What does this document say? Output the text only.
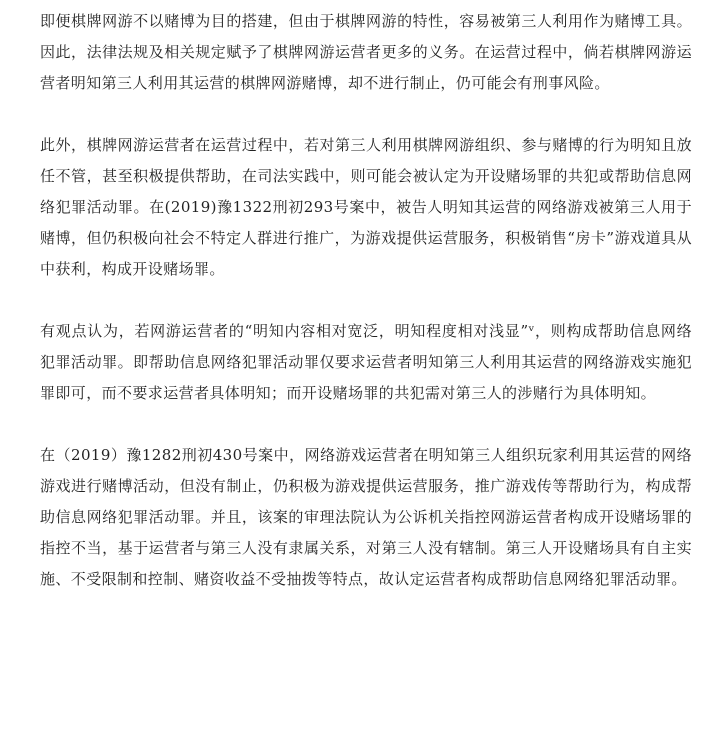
即便棋牌网游不以赌博为目的搭建，但由于棋牌网游的特性，容易被第三人利用作为赌博工具。因此，法律法规及相关规定赋予了棋牌网游运营者更多的义务。在运营过程中，倘若棋牌网游运营者明知第三人利用其运营的棋牌网游赌博，却不进行制止，仍可能会有刑事风险。

此外，棋牌网游运营者在运营过程中，若对第三人利用棋牌网游组织、参与赌博的行为明知且放任不管，甚至积极提供帮助，在司法实践中，则可能会被认定为开设赌场罪的共犯或帮助信息网络犯罪活动罪。在(2019)豫1322刑初293号案中，被告人明知其运营的网络游戏被第三人用于赌博，但仍积极向社会不特定人群进行推广，为游戏提供运营服务，积极销售“房卡”游戏道具从中获利，构成开设赌场罪。

有观点认为，若网游运营者的“明知内容相对宽泛，明知程度相对浅显”ᵛ，则构成帮助信息网络犯罪活动罪。即帮助信息网络犯罪活动罪仅要求运营者明知第三人利用其运营的网络游戏实施犯罪即可，而不要求运营者具体明知；而开设赌场罪的共犯需对第三人的涉赌行为具体明知。

在（2019）豫1282刑初430号案中，网络游戏运营者在明知第三人组织玩家利用其运营的网络游戏进行赌博活动，但没有制止，仍积极为游戏提供运营服务，推广游戏传等帮助行为，构成帮助信息网络犯罪活动罪。并且，该案的审理法院认为公诉机关指控网游运营者构成开设赌场罪的指控不当，基于运营者与第三人没有隶属关系，对第三人没有辖制。第三人开设赌场具有自主实施、不受限制和控制、赌资收益不受抽拨等特点，故认定运营者构成帮助信息网络犯罪活动罪。
